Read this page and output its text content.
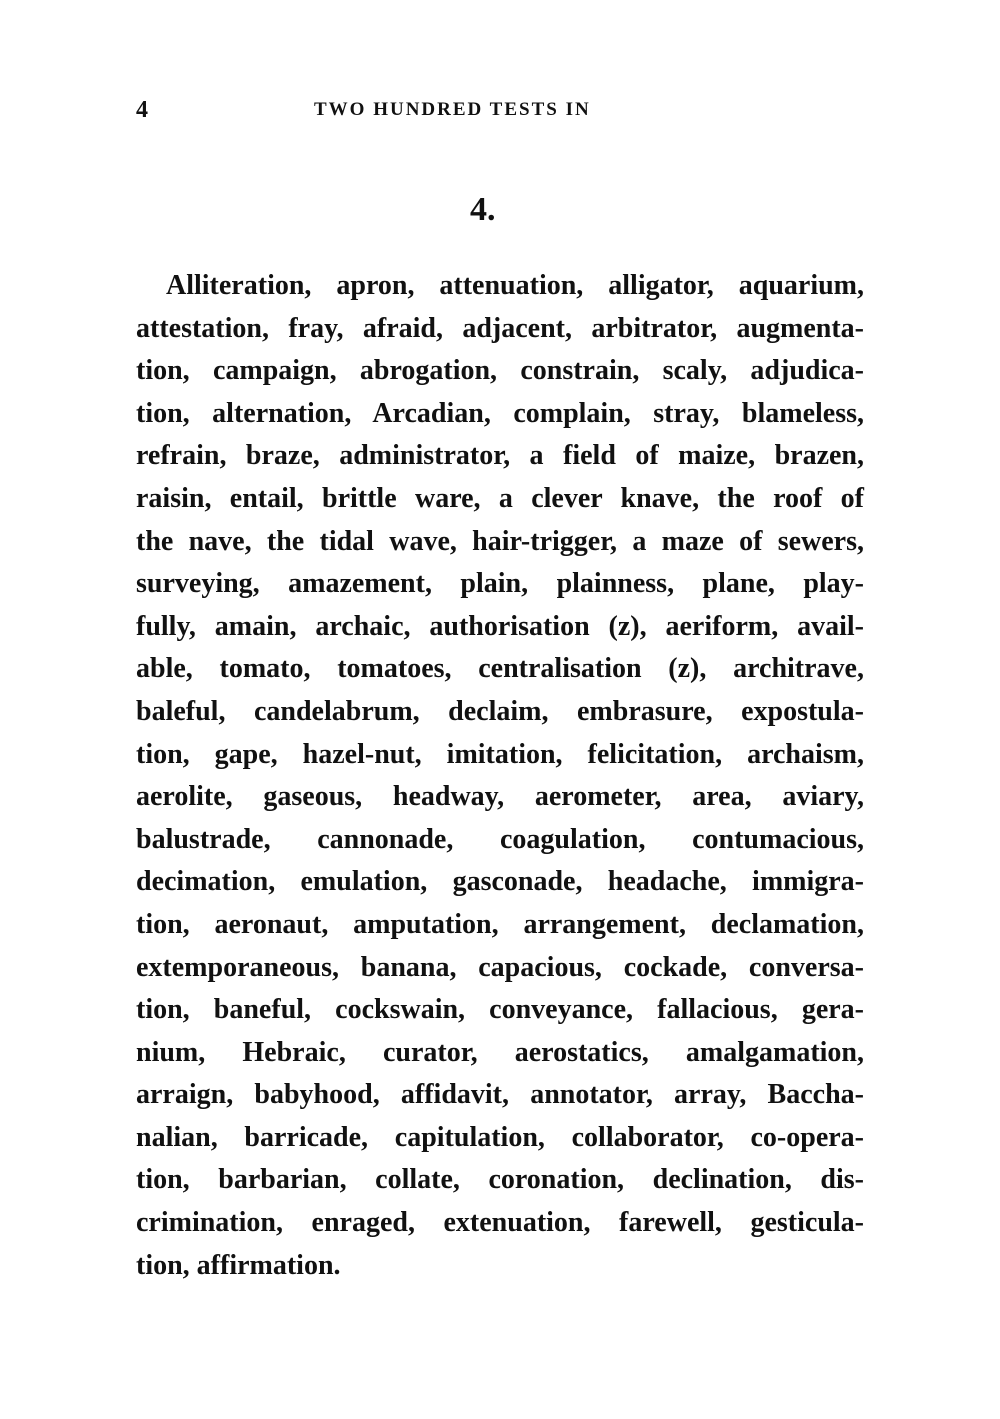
4	TWO HUNDRED TESTS IN
4.
Alliteration, apron, attenuation, alligator, aquarium,
attestation, fray, afraid, adjacent, arbitrator, augmenta-
tion, campaign, abrogation, constrain, scaly, adjudica-
tion, alternation, Arcadian, complain, stray, blameless,
refrain, braze, administrator, a field of maize, brazen,
raisin, entail, brittle ware, a clever knave, the roof of
the nave, the tidal wave, hair-trigger, a maze of sewers,
surveying, amazement, plain, plainness, plane, play-
fully, amain, archaic, authorisation (z), aeriform, avail-
able, tomato, tomatoes, centralisation (z), architrave,
baleful, candelabrum, declaim, embrasure, expostula-
tion, gape, hazel-nut, imitation, felicitation, archaism,
aerolite, gaseous, headway, aerometer, area, aviary,
balustrade, cannonade, coagulation, contumacious,
decimation, emulation, gasconade, headache, immigra-
tion, aeronaut, amputation, arrangement, declamation,
extemporaneous, banana, capacious, cockade, conversa-
tion, baneful, cockswain, conveyance, fallacious, gera-
nium, Hebraic, curator, aerostatics, amalgamation,
arraign, babyhood, affidavit, annotator, array, Baccha-
nalian, barricade, capitulation, collaborator, co-opera-
tion, barbarian, collate, coronation, declination, dis-
crimination, enraged, extenuation, farewell, gesticula-
tion, affirmation.
